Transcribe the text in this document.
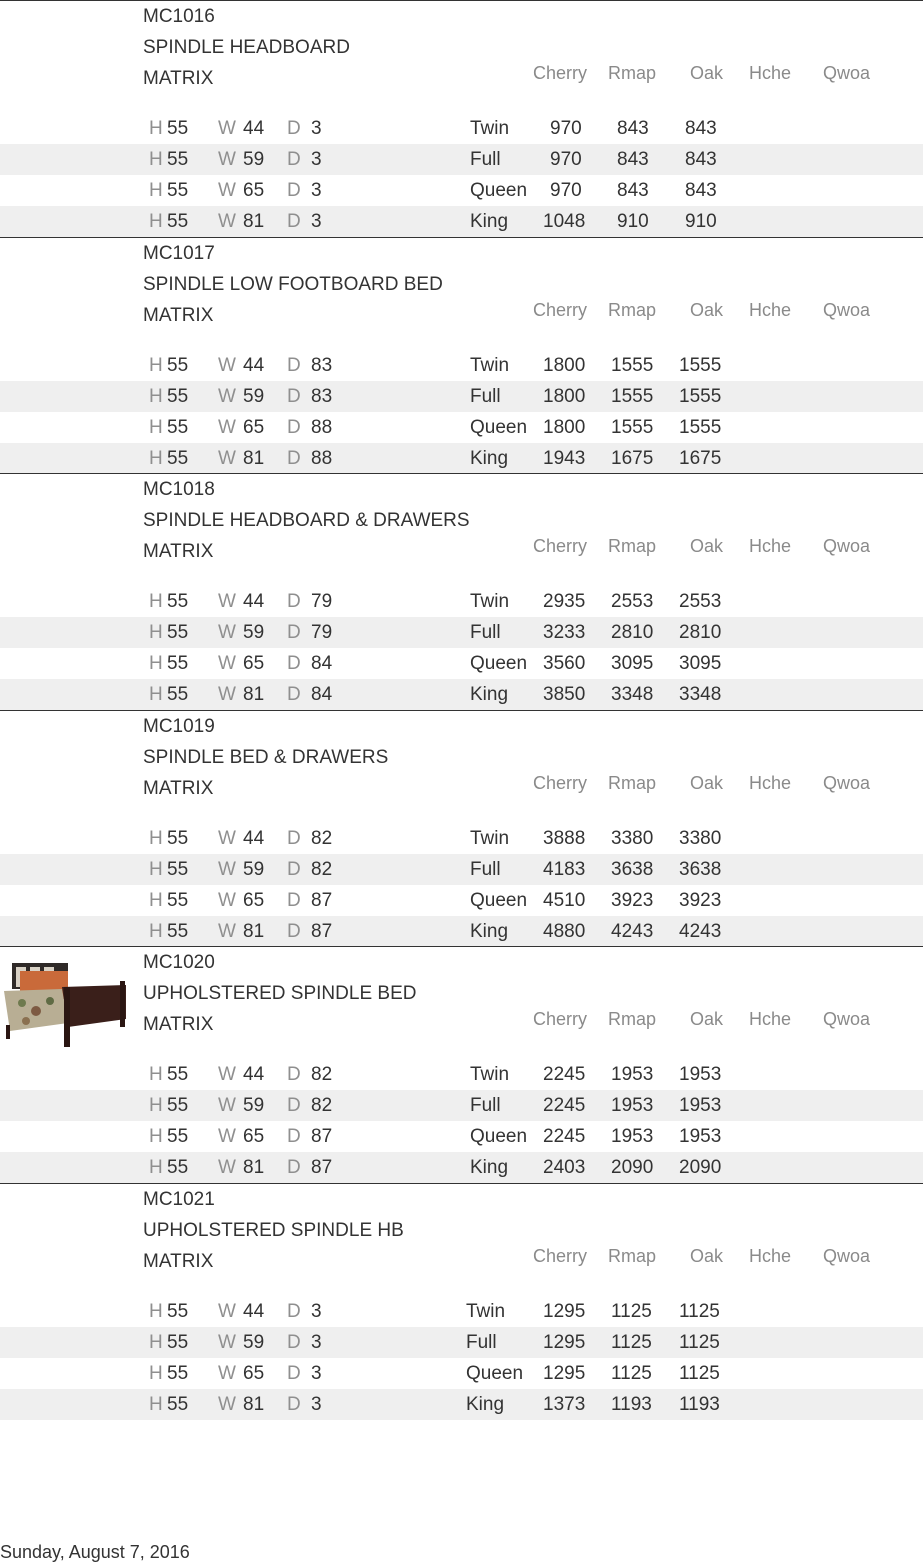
MC1016
SPINDLE HEADBOARD
MATRIX	Cherry Rmap Oak Hche Qwoa
H 55 W 44 D 3	Twin 970 843 843
H 55 W 59 D 3	Full	970 843 843
H 55 W 65 D 3	Queen 970 843 843
H 55 W 81 D 3	King 1048 910 910
MC1017
SPINDLE LOW FOOTBOARD BED
MATRIX	Cherry Rmap Oak Hche Qwoa
H 55 W 44 D 83	Twin 1800 1555 1555
H 55 W 59 D 83	Full 1800 1555 1555
H 55 W 65 D 88	Queen 1800 1555 1555
H 55 W 81 D 88	King 1943 1675 1675
MC1018
SPINDLE HEADBOARD & DRAWERS
MATRIX	Cherry Rmap Oak Hche Qwoa
H 55 W 44 D 79	Twin 2935 2553 2553
H 55 W 59 D 79	Full 3233 2810 2810
H 55 W 65 D 84	Queen 3560 3095 3095
H 55 W 81 D 84	King 3850 3348 3348
MC1019
SPINDLE BED & DRAWERS
MATRIX	Cherry Rmap Oak Hche Qwoa
H 55 W 44 D 82	Twin 3888 3380 3380
H 55 W 59 D 82	Full 4183 3638 3638
H 55 W 65 D 87	Queen 4510 3923 3923
H 55 W 81 D 87	King 4880 4243 4243
MC1020
UPHOLSTERED SPINDLE BED
MATRIX	Cherry Rmap Oak Hche Qwoa
H 55 W 44 D 82	Twin 2245 1953 1953
H 55 W 59 D 82	Full 2245 1953 1953
H 55 W 65 D 87	Queen 2245 1953 1953
H 55 W 81 D 87	King 2403 2090 2090
MC1021
UPHOLSTERED SPINDLE HB
MATRIX	Cherry Rmap Oak Hche Qwoa
H 55 W 44 D 3	Twin 1295 1125 1125
H 55 W 59 D 3	Full 1295 1125 1125
H 55 W 65 D 3	Queen 1295 1125 1125
H 55 W 81 D 3	King 1373 1193 1193
Sunday, August 7, 2016
